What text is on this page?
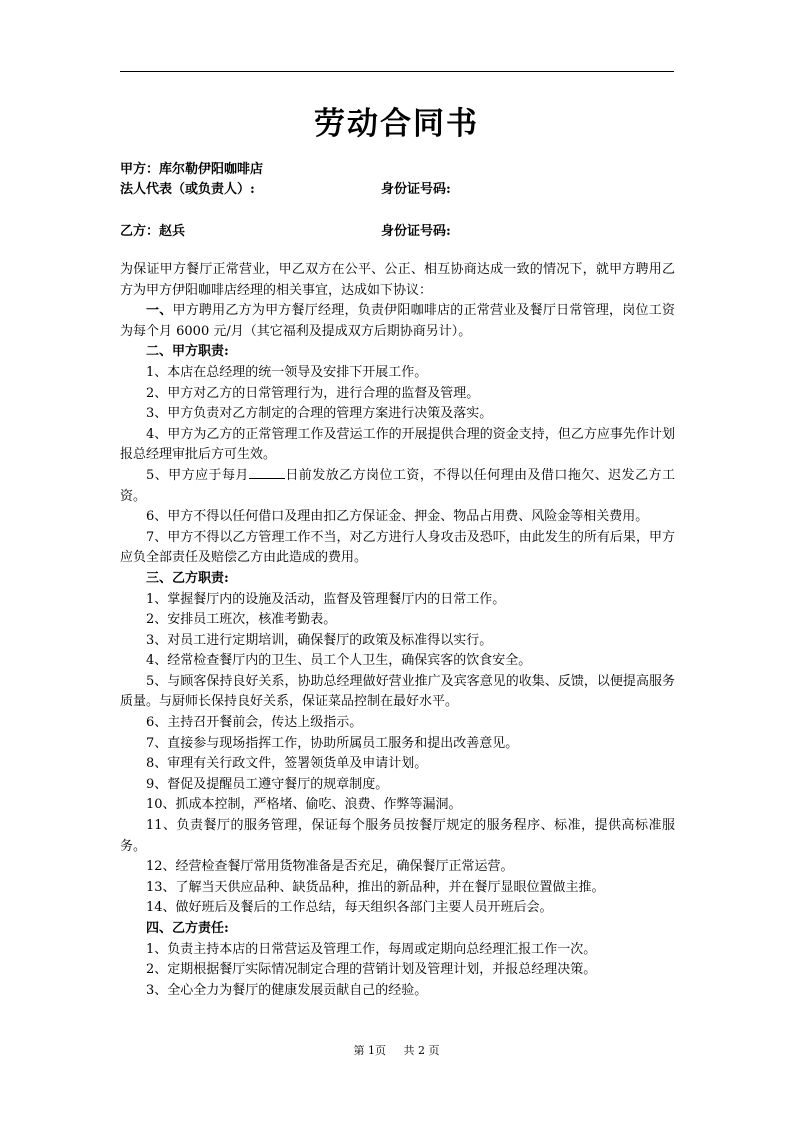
劳动合同书
甲方：库尔勒伊阳咖啡店
法人代表（或负责人）:	身份证号码:
乙方：赵兵	身份证号码:

为保证甲方餐厅正常营业，甲乙双方在公平、公正、相互协商达成一致的情况下，就甲方聘用乙方为甲方伊阳咖啡店经理的相关事宜，达成如下协议：

一、甲方聘用乙方为甲方餐厅经理，负责伊阳咖啡店的正常营业及餐厅日常管理，岗位工资为每个月 6000 元/月（其它福利及提成双方后期协商另计）。

二、甲方职责:

1、本店在总经理的统一领导及安排下开展工作。

2、甲方对乙方的日常管理行为，进行合理的监督及管理。

3、甲方负责对乙方制定的合理的管理方案进行决策及落实。

4、甲方为乙方的正常管理工作及营运工作的开展提供合理的资金支持，但乙方应事先作计划报总经理审批后方可生效。

5、甲方应于每月	日前发放乙方岗位工资，不得以任何理由及借口拖欠、迟发乙方工资。

6、甲方不得以任何借口及理由扣乙方保证金、押金、物品占用费、风险金等相关费用。

7、甲方不得以乙方管理工作不当，对乙方进行人身攻击及恐吓，由此发生的所有后果，甲方应负全部责任及赔偿乙方由此造成的费用。

三、乙方职责:

1、掌握餐厅内的设施及活动，监督及管理餐厅内的日常工作。

2、安排员工班次，核准考勤表。

3、对员工进行定期培训，确保餐厅的政策及标准得以实行。

4、经常检查餐厅内的卫生、员工个人卫生，确保宾客的饮食安全。

5、与顾客保持良好关系，协助总经理做好营业推广及宾客意见的收集、反馈，以便提高服务质量。与厨师长保持良好关系，保证菜品控制在最好水平。

6、主持召开餐前会，传达上级指示。

7、直接参与现场指挥工作，协助所属员工服务和提出改善意见。

8、审理有关行政文件，签署领货单及申请计划。

9、督促及提醒员工遵守餐厅的规章制度。

10、抓成本控制，严格堵、偷吃、浪费、作弊等漏洞。

11、负责餐厅的服务管理，保证每个服务员按餐厅规定的服务程序、标准，提供高标准服务。

12、经营检查餐厅常用货物准备是否充足，确保餐厅正常运营。

13、了解当天供应品种、缺货品种，推出的新品种，并在餐厅显眼位置做主推。

14、做好班后及餐后的工作总结，每天组织各部门主要人员开班后会。

四、乙方责任:

1、负责主持本店的日常营运及管理工作，每周或定期向总经理汇报工作一次。

2、定期根据餐厅实际情况制定合理的营销计划及管理计划，并报总经理决策。

3、全心全力为餐厅的健康发展贡献自己的经验。

第 1页     共 2 页
